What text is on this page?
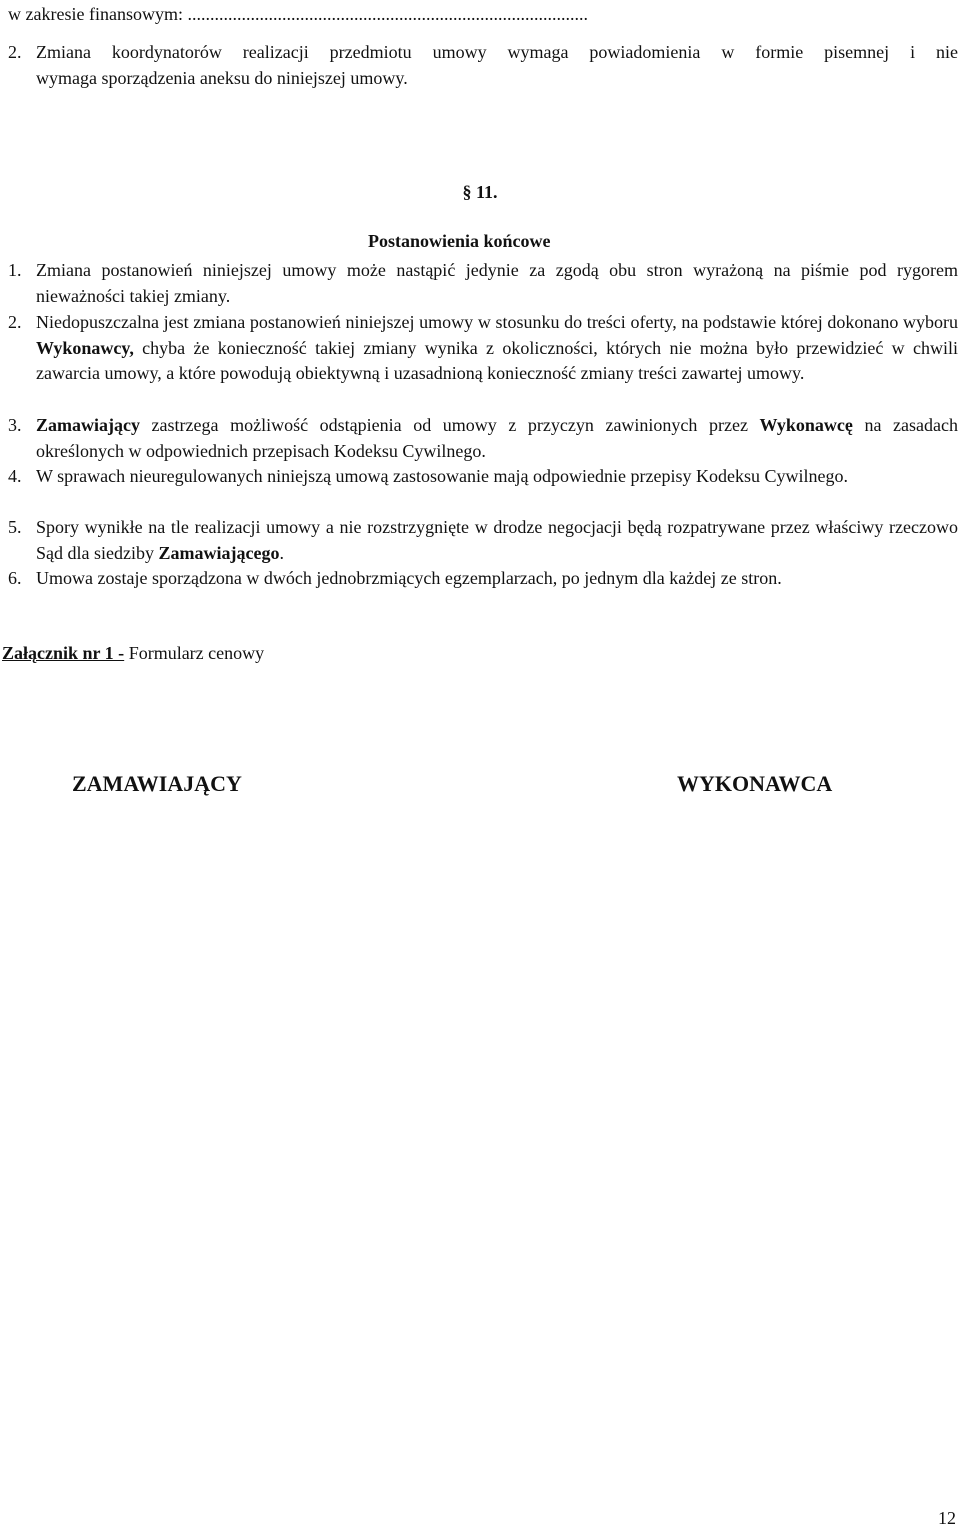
w zakresie finansowym: .........................................................................................
2. Zmiana koordynatorów realizacji przedmiotu umowy wymaga powiadomienia w formie pisemnej i nie
wymaga sporządzenia aneksu do niniejszej umowy.
§ 11.
Postanowienia końcowe
1. Zmiana postanowień niniejszej umowy może nastąpić jedynie za zgodą obu stron wyrażoną na piśmie pod rygorem nieważności takiej zmiany.
2. Niedopuszczalna jest zmiana postanowień niniejszej umowy w stosunku do treści oferty, na podstawie której dokonano wyboru Wykonawcy, chyba że konieczność takiej zmiany wynika z okoliczności, których nie można było przewidzieć w chwili zawarcia umowy, a które powodują obiektywną i uzasadnioną konieczność zmiany treści zawartej umowy.
3. Zamawiający zastrzega możliwość odstąpienia od umowy z przyczyn zawinionych przez Wykonawcę na zasadach określonych w odpowiednich przepisach Kodeksu Cywilnego.
4. W sprawach nieuregulowanych niniejszą umową zastosowanie mają odpowiednie przepisy Kodeksu Cywilnego.
5. Spory wynikłe na tle realizacji umowy a nie rozstrzygnięte w drodze negocjacji będą rozpatrywane przez właściwy rzeczowo Sąd dla siedziby Zamawiającego.
6. Umowa zostaje sporządzona w dwóch jednobrzmiących egzemplarzach, po jednym dla każdej ze stron.
Załącznik nr 1 - Formularz cenowy
ZAMAWIAJĄCY	WYKONAWCA
12
